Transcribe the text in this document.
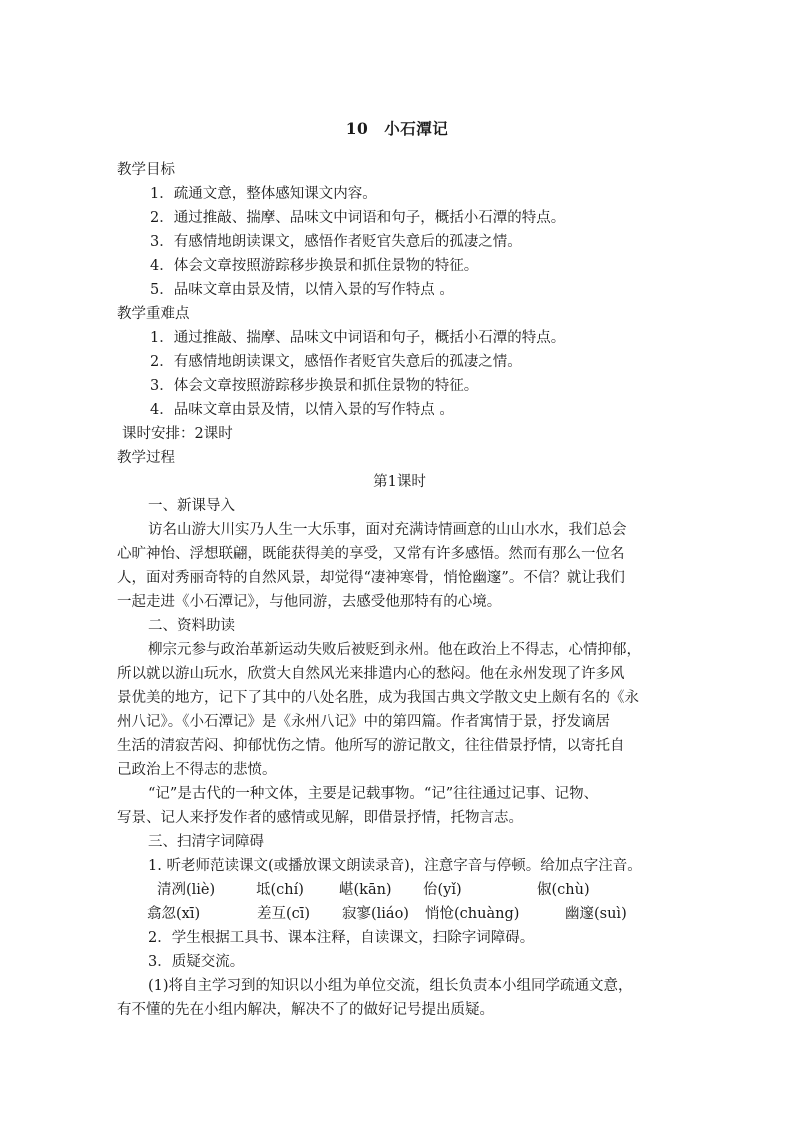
10 小石潭记
教学目标
1．疏通文意，整体感知课文内容。
2．通过推敲、揣摩、品味文中词语和句子，概括小石潭的特点。
3．有感情地朗读课文，感悟作者贬官失意后的孤凄之情。
4．体会文章按照游踪移步换景和抓住景物的特征。
5．品味文章由景及情，以情入景的写作特点 。
教学重难点
1．通过推敲、揣摩、品味文中词语和句子，概括小石潭的特点。
2．有感情地朗读课文，感悟作者贬官失意后的孤凄之情。
3．体会文章按照游踪移步换景和抓住景物的特征。
4．品味文章由景及情，以情入景的写作特点 。
课时安排：2课时
教学过程
第1课时
一、新课导入
访名山游大川实乃人生一大乐事，面对充满诗情画意的山山水水，我们总会
心旷神怡、浮想联翩，既能获得美的享受，又常有许多感悟。然而有那么一位名
人，面对秀丽奇特的自然风景，却觉得“凄神寒骨，悄怆幽邃”。不信？就让我们
一起走进《小石潭记》，与他同游，去感受他那特有的心境。
二、资料助读
柳宗元参与政治革新运动失败后被贬到永州。他在政治上不得志，心情抑郁，
所以就以游山玩水，欣赏大自然风光来排遣内心的愁闷。他在永州发现了许多风
景优美的地方，记下了其中的八处名胜，成为我国古典文学散文史上颇有名的《永
州八记》。《小石潭记》是《永州八记》中的第四篇。作者寓情于景，抒发谪居
生活的清寂苦闷、抑郁忧伤之情。他所写的游记散文，往往借景抒情，以寄托自
己政治上不得志的悲愤。
“记”是古代的一种文体，主要是记载事物。“记”往往通过记事、记物、
写景、记人来抒发作者的感情或见解，即借景抒情，托物言志。
三、扫清字词障碍
1. 听老师范读课文(或播放课文朗读录音)，注意字音与停顿。给加点字注音。
清冽(liè)	坻(chí) 嵁(kān) 佁(yǐ)	俶(chù)
翕忽(xī)	差互(cī) 寂寥(liáo) 悄怆(chuàng)	幽邃(suì)
2．学生根据工具书、课本注释，自读课文，扫除字词障碍。
3．质疑交流。
(1)将自主学习到的知识以小组为单位交流，组长负责本小组同学疏通文意，
有不懂的先在小组内解决，解决不了的做好记号提出质疑。
